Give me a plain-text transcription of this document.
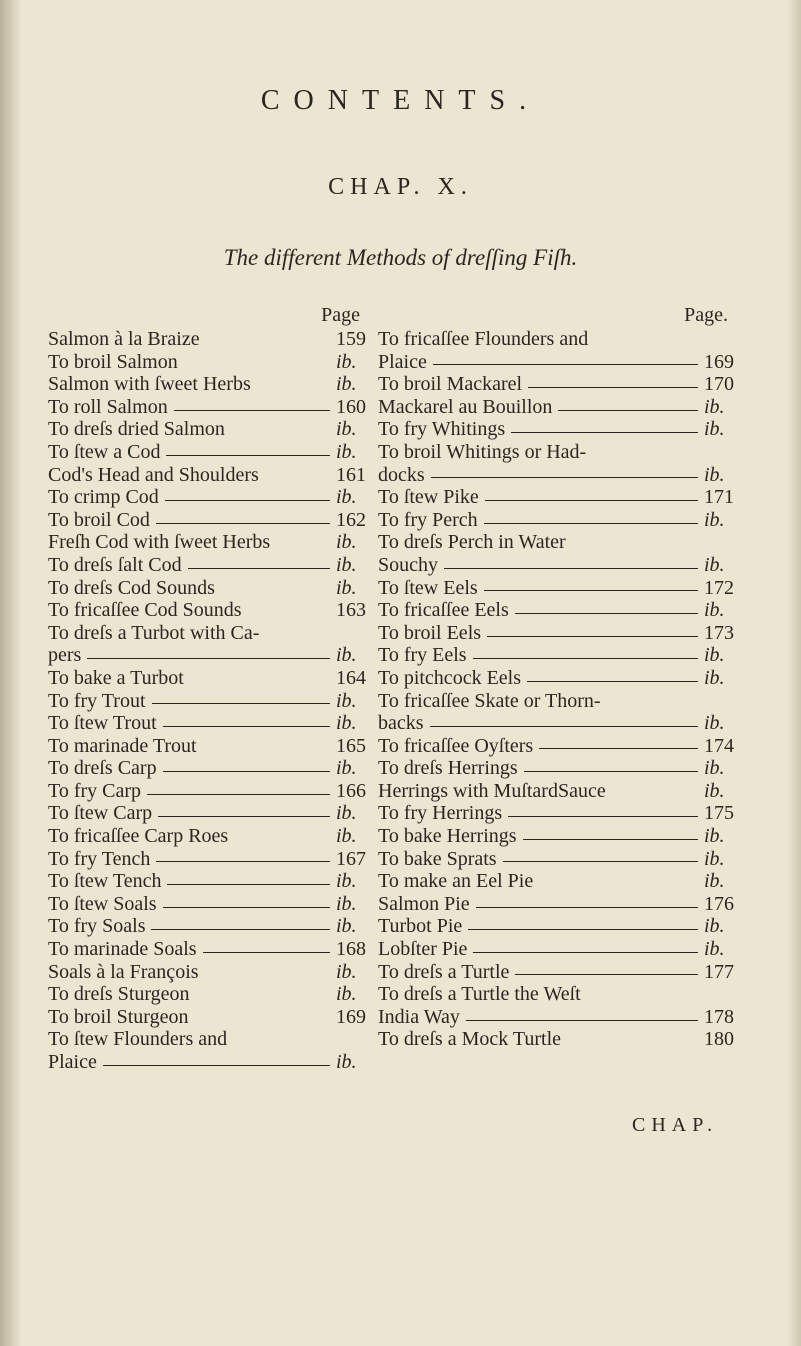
CONTENTS.
CHAP. X.
The different Methods of dreſſing Fiſh.
Page
Salmon à la Braize	159
To broil Salmon	ib.
Salmon with ſweet Herbs	ib.
To roll Salmon	160
To dreſs dried Salmon	ib.
To ſtew a Cod	ib.
Cod's Head and Shoulders	161
To crimp Cod	ib.
To broil Cod	162
Freſh Cod with ſweet Herbs	ib.
To dreſs ſalt Cod	ib.
To dreſs Cod Sounds	ib.
To fricaſſee Cod Sounds	163
To dreſs a Turbot with Ca-
pers	ib.
To bake a Turbot	164
To fry Trout	ib.
To ſtew Trout	ib.
To marinade Trout	165
To dreſs Carp	ib.
To fry Carp	166
To ſtew Carp	ib.
To fricaſſee Carp Roes	ib.
To fry Tench	167
To ſtew Tench	ib.
To ſtew Soals	ib.
To fry Soals	ib.
To marinade Soals	168
Soals à la François	ib.
To dreſs Sturgeon	ib.
To broil Sturgeon	169
To ſtew Flounders and
Plaice	ib.
Page.
To fricaſſee Flounders and
Plaice	169
To broil Mackarel	170
Mackarel au Bouillon	ib.
To fry Whitings	ib.
To broil Whitings or Had-
docks	ib.
To ſtew Pike	171
To fry Perch	ib.
To dreſs Perch in Water
Souchy	ib.
To ſtew Eels	172
To fricaſſee Eels	ib.
To broil Eels	173
To fry Eels	ib.
To pitchcock Eels	ib.
To fricaſſee Skate or Thorn-
backs	ib.
To fricaſſee Oyſters	174
To dreſs Herrings	ib.
Herrings with MuſtardSauce	ib.
To fry Herrings	175
To bake Herrings	ib.
To bake Sprats	ib.
To make an Eel Pie	ib.
Salmon Pie	176
Turbot Pie	ib.
Lobſter Pie	ib.
To dreſs a Turtle	177
To dreſs a Turtle the Weſt
India Way	178
To dreſs a Mock Turtle	180
CHAP.
